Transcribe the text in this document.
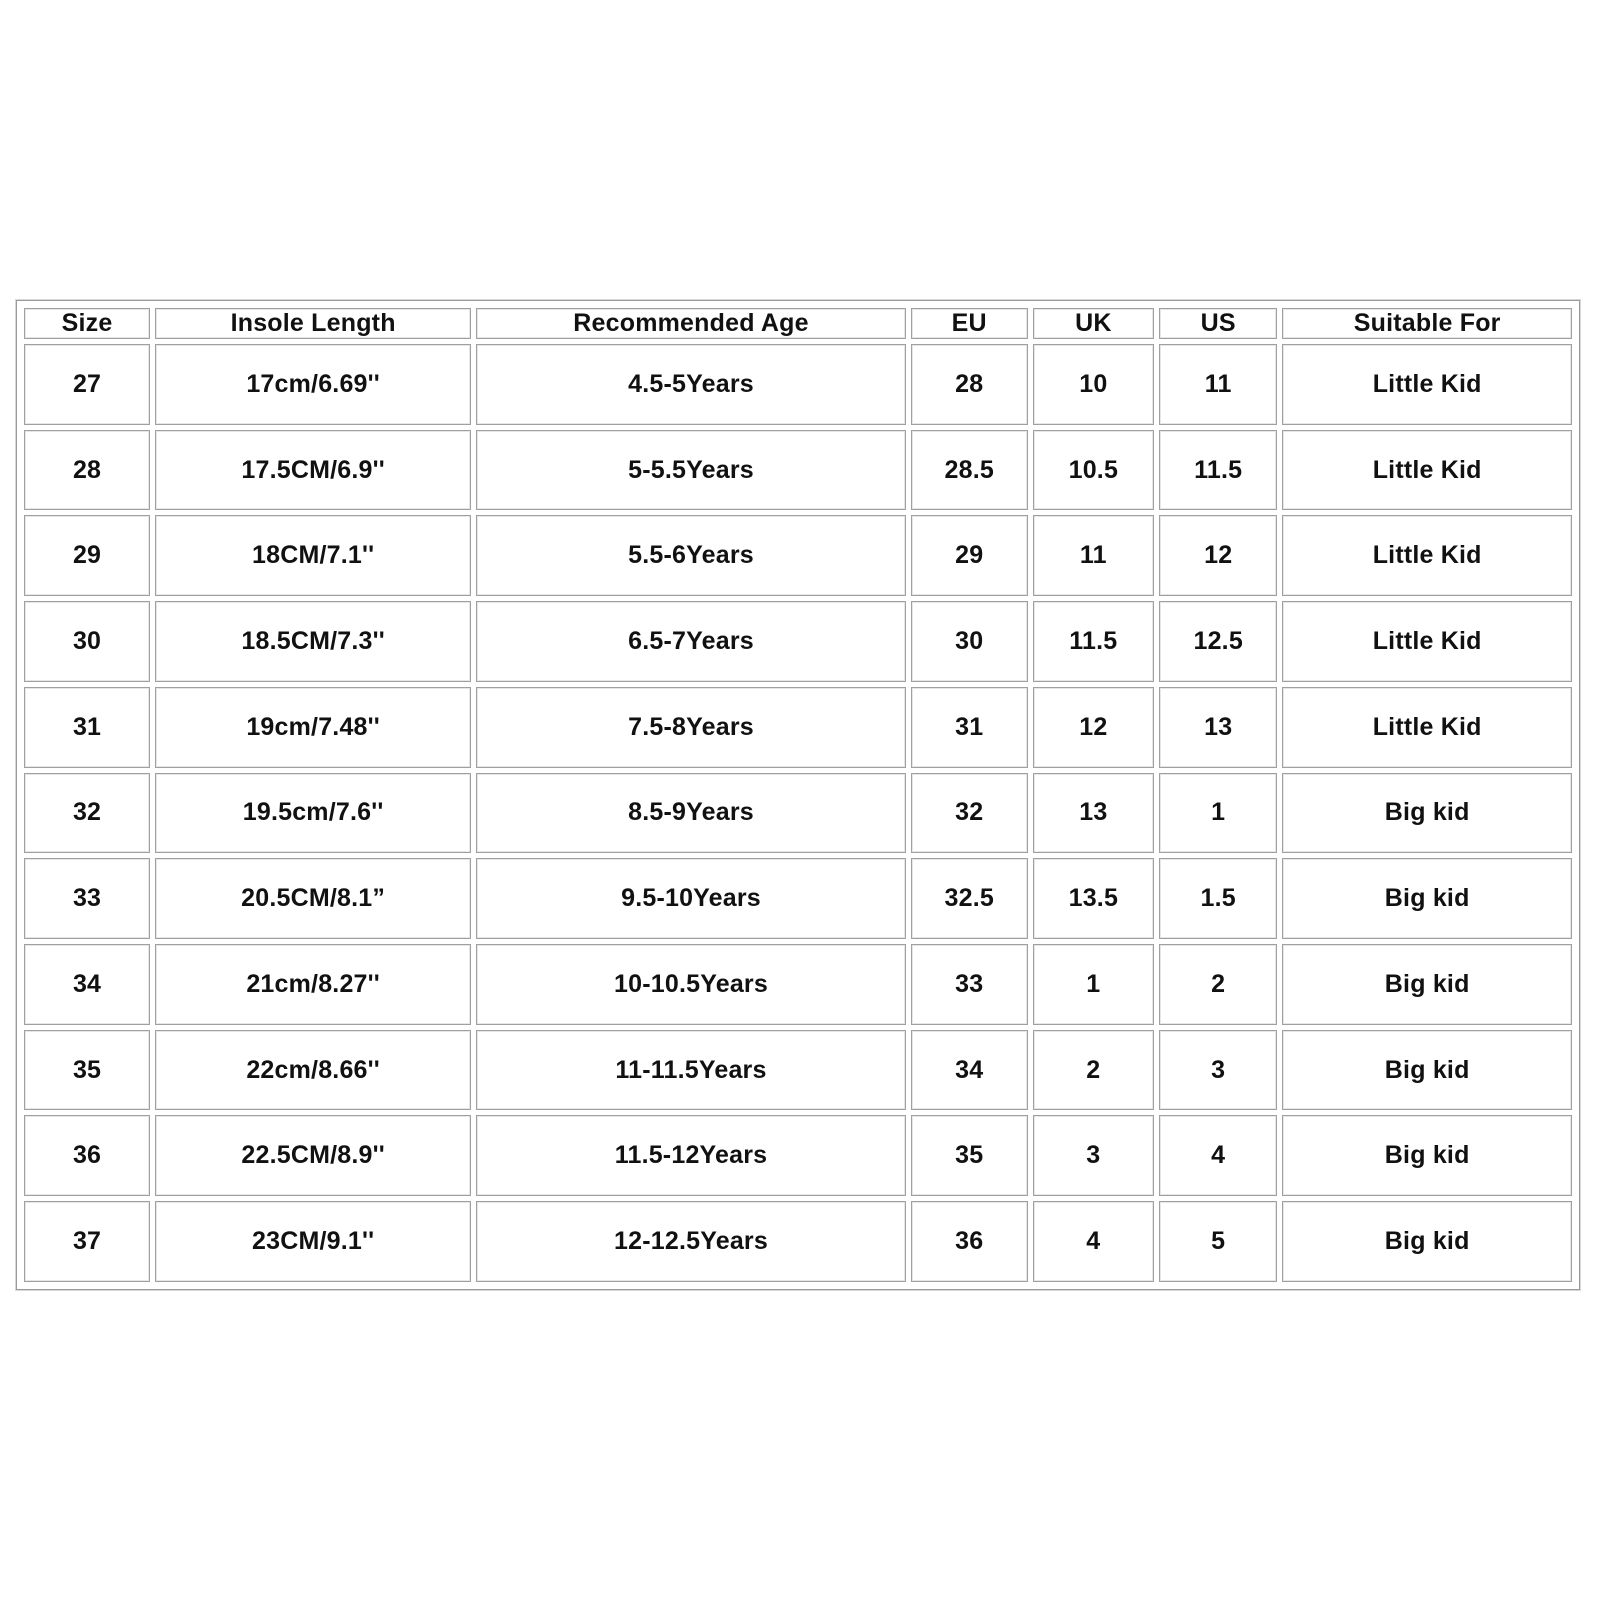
Size	Insole Length	Recommended Age	EU	UK	US	Suitable For
27	17cm/6.69''	4.5-5Years	28	10	11	Little Kid
28	17.5CM/6.9''	5-5.5Years	28.5	10.5	11.5	Little Kid
29	18CM/7.1''	5.5-6Years	29	11	12	Little Kid
30	18.5CM/7.3''	6.5-7Years	30	11.5	12.5	Little Kid
31	19cm/7.48''	7.5-8Years	31	12	13	Little Kid
32	19.5cm/7.6''	8.5-9Years	32	13	1	Big kid
33	20.5CM/8.1”	9.5-10Years	32.5	13.5	1.5	Big kid
34	21cm/8.27''	10-10.5Years	33	1	2	Big kid
35	22cm/8.66''	11-11.5Years	34	2	3	Big kid
36	22.5CM/8.9''	11.5-12Years	35	3	4	Big kid
37	23CM/9.1''	12-12.5Years	36	4	5	Big kid
